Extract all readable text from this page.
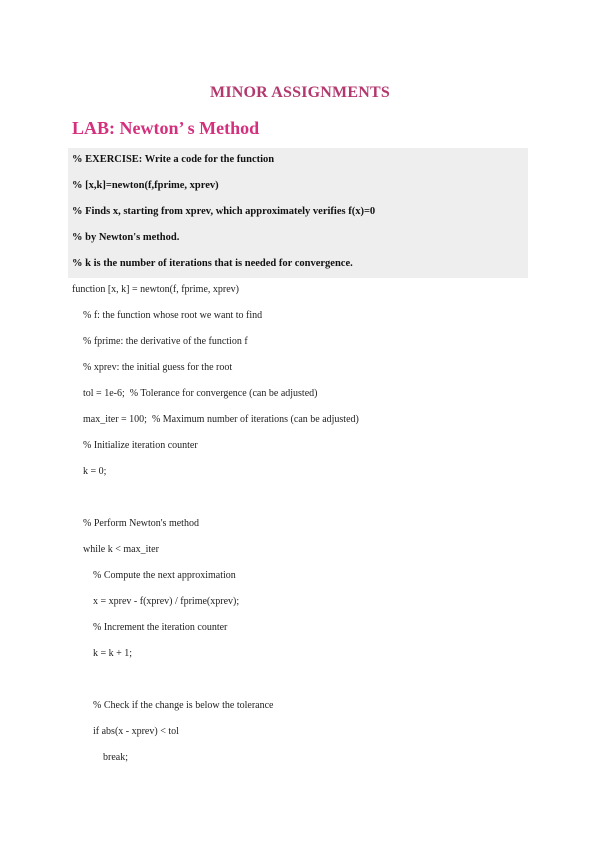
MINOR ASSIGNMENTS
LAB: Newton’ s Method
% EXERCISE: Write a code for the function
% [x,k]=newton(f,fprime, xprev)
% Finds x, starting from xprev, which approximately verifies f(x)=0
% by Newton's method.
% k is the number of iterations that is needed for convergence.
function [x, k] = newton(f, fprime, xprev)
% f: the function whose root we want to find
% fprime: the derivative of the function f
% xprev: the initial guess for the root
tol = 1e-6;  % Tolerance for convergence (can be adjusted)
max_iter = 100;  % Maximum number of iterations (can be adjusted)
% Initialize iteration counter
k = 0;
% Perform Newton's method
while k < max_iter
% Compute the next approximation
x = xprev - f(xprev) / fprime(xprev);
% Increment the iteration counter
k = k + 1;
% Check if the change is below the tolerance
if abs(x - xprev) < tol
break;
